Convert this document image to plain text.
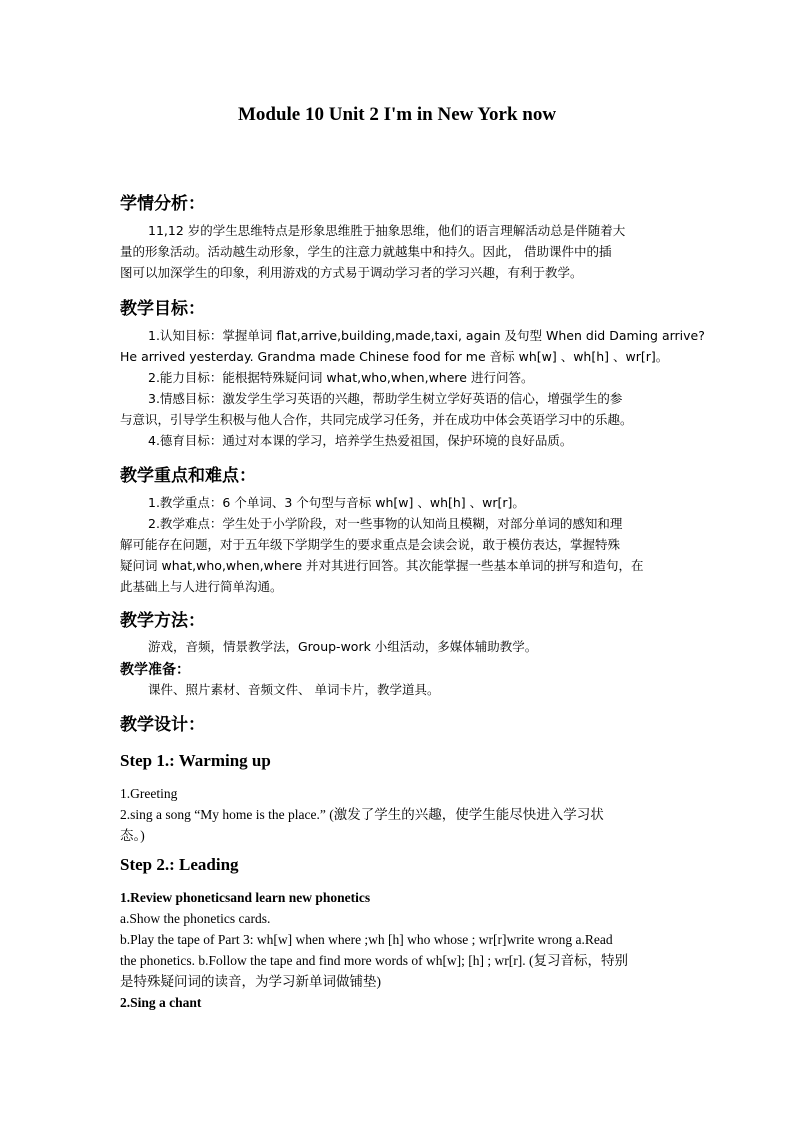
Module 10 Unit 2 I'm in New York now
学情分析：
11,12 岁的学生思维特点是形象思维胜于抽象思维，他们的语言理解活动总是伴随着大
量的形象活动。活动越生动形象，学生的注意力就越集中和持久。因此， 借助课件中的插
图可以加深学生的印象，利用游戏的方式易于调动学习者的学习兴趣，有利于教学。
教学目标：
1.认知目标：掌握单词 flat,arrive,building,made,taxi, again 及句型 When did Daming arrive?
He arrived yesterday. Grandma made Chinese food for me 音标 wh[w] 、wh[h] 、wr[r]。
2.能力目标：能根据特殊疑问词 what,who,when,where 进行问答。
3.情感目标：激发学生学习英语的兴趣，帮助学生树立学好英语的信心，增强学生的参
与意识，引导学生积极与他人合作，共同完成学习任务，并在成功中体会英语学习中的乐趣。
4.德育目标：通过对本课的学习，培养学生热爱祖国，保护环境的良好品质。
教学重点和难点：
1.教学重点：6 个单词、3 个句型与音标 wh[w] 、wh[h] 、wr[r]。
2.教学难点：学生处于小学阶段，对一些事物的认知尚且模糊，对部分单词的感知和理
解可能存在问题，对于五年级下学期学生的要求重点是会读会说，敢于模仿表达，掌握特殊
疑问词 what,who,when,where 并对其进行回答。其次能掌握一些基本单词的拼写和造句，在
此基础上与人进行简单沟通。
教学方法：
游戏，音频，情景教学法，Group-work 小组活动，多媒体辅助教学。
教学准备：
课件、照片素材、音频文件、 单词卡片，教学道具。
教学设计：
Step 1.: Warming up
1.Greeting
2.sing a song “My home is the place.” (激发了学生的兴趣，使学生能尽快进入学习状
态。)
Step 2.: Leading
1.Review phoneticsand learn new phonetics
a.Show the phonetics cards.
b.Play the tape of Part 3: wh[w] when where ;wh [h] who whose ; wr[r]write wrong a.Read
the phonetics. b.Follow the tape and find more words of wh[w]; [h] ; wr[r]. (复习音标，特别
是特殊疑问词的读音，为学习新单词做铺垫)
2.Sing a chant
